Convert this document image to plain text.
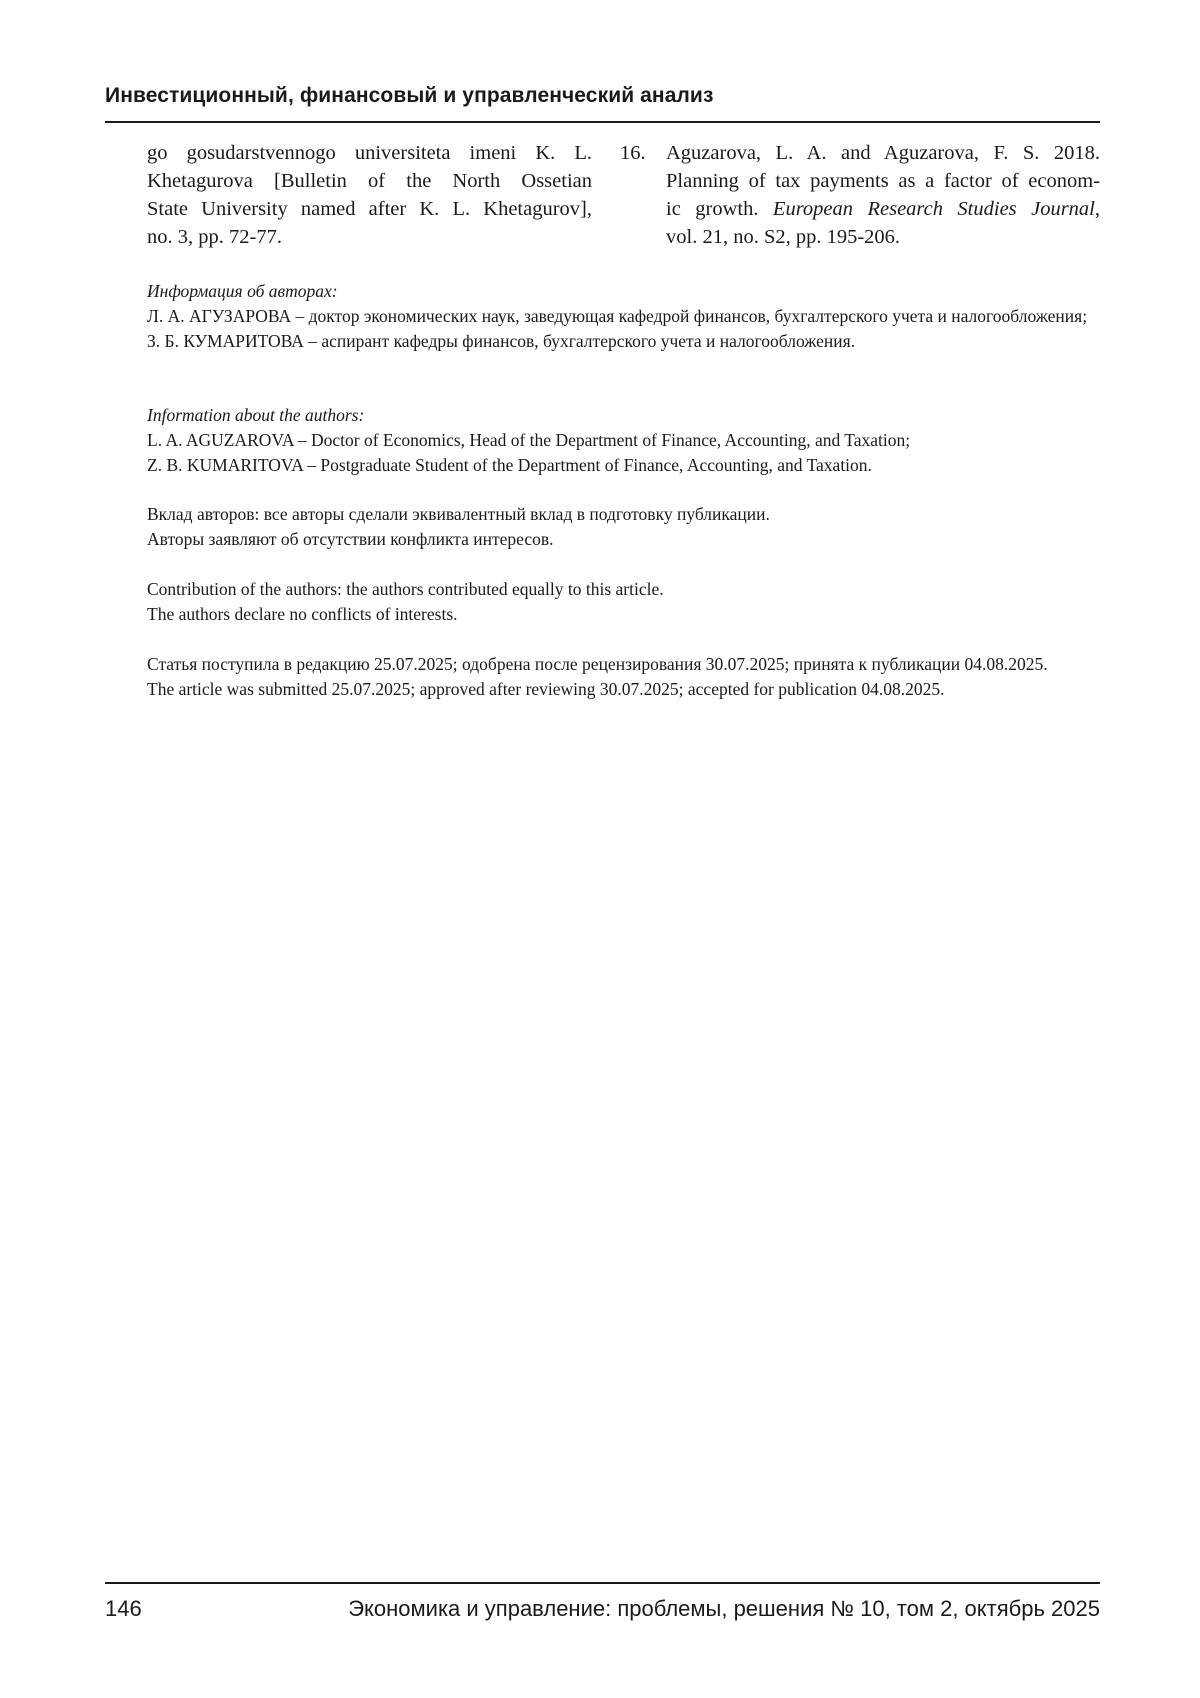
Инвестиционный, финансовый и управленческий анализ
go gosudarstvennogo universiteta imeni K. L.
Khetagurova [Bulletin of the North Ossetian
State University named after K. L. Khetagurov],
no. 3, pp. 72-77.
16. Aguzarova, L. A. and Aguzarova, F. S. 2018.
Planning of tax payments as a factor of econom-
ic growth. European Research Studies Journal,
vol. 21, no. S2, pp. 195-206.

Информация об авторах:

Л. А. АГУЗАРОВА – доктор экономических наук, заведующая кафедрой финансов, бухгалтерского учета и налогообложения;

З. Б. КУМАРИТОВА – аспирант кафедры финансов, бухгалтерского учета и налогообложения.

Information about the authors:

L. A. AGUZAROVA – Doctor of Economics, Head of the Department of Finance, Accounting, and Taxation;

Z. B. KUMARITOVA – Postgraduate Student of the Department of Finance, Accounting, and Taxation.

Вклад авторов: все авторы сделали эквивалентный вклад в подготовку публикации.

Авторы заявляют об отсутствии конфликта интересов.

Contribution of the authors: the authors contributed equally to this article.

The authors declare no conflicts of interests.

Статья поступила в редакцию 25.07.2025; одобрена после рецензирования 30.07.2025; принята к публикации 04.08.2025.

The article was submitted 25.07.2025; approved after reviewing 30.07.2025; accepted for publication 04.08.2025.

146	Экономика и управление: проблемы, решения № 10, том 2, октябрь 2025
